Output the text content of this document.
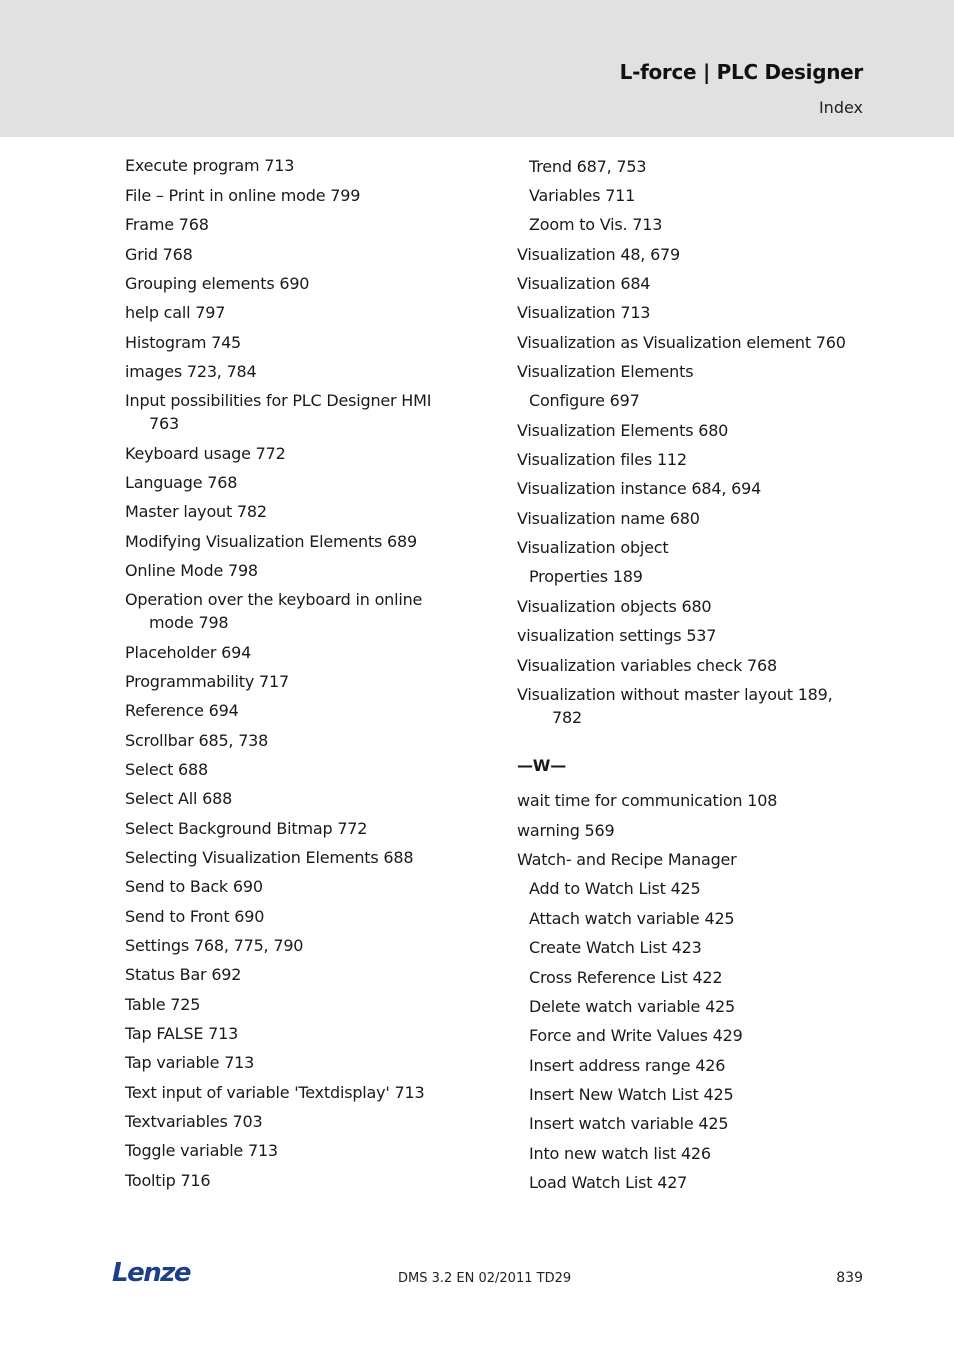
L-force | PLC Designer
Index
Execute program 713
File – Print in online mode 799
Frame 768
Grid 768
Grouping elements 690
help call 797
Histogram 745
images 723, 784
Input possibilities for PLC Designer HMI
763
Keyboard usage 772
Language 768
Master layout 782
Modifying Visualization Elements 689
Online Mode 798
Operation over the keyboard in online
mode 798
Placeholder 694
Programmability 717
Reference 694
Scrollbar 685, 738
Select 688
Select All 688
Select Background Bitmap 772
Selecting Visualization Elements 688
Send to Back 690
Send to Front 690
Settings 768, 775, 790
Status Bar 692
Table 725
Tap FALSE 713
Tap variable 713
Text input of variable 'Textdisplay' 713
Textvariables 703
Toggle variable 713
Tooltip 716
Trend 687, 753
Variables 711
Zoom to Vis. 713
Visualization 48, 679
Visualization 684
Visualization 713
Visualization as Visualization element 760
Visualization Elements
Configure 697
Visualization Elements 680
Visualization files 112
Visualization instance 684, 694
Visualization name 680
Visualization object
Properties 189
Visualization objects 680
visualization settings 537
Visualization variables check 768
Visualization without master layout 189,
782
—W—
wait time for communication 108
warning 569
Watch- and Recipe Manager
Add to Watch List 425
Attach watch variable 425
Create Watch List 423
Cross Reference List 422
Delete watch variable 425
Force and Write Values 429
Insert address range 426
Insert New Watch List 425
Insert watch variable 425
Into new watch list 426
Load Watch List 427
Lenze	DMS 3.2 EN 02/2011 TD29	839
